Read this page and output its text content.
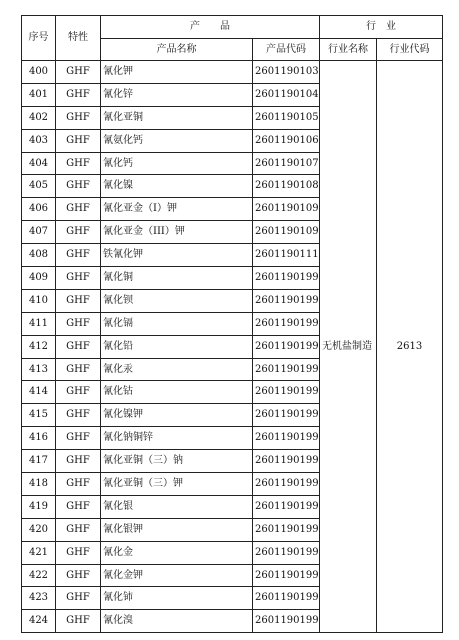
序号	特性	产　　品		行　业	
		产品名称	产品代码	行业名称	行业代码
400	GHF	氰化钾	2601190103	无机盐制造	2613
401	GHF	氰化锌	2601190104		
402	GHF	氰化亚铜	2601190105		
403	GHF	氰氨化钙	2601190106		
404	GHF	氰化钙	2601190107		
405	GHF	氰化镍	2601190108		
406	GHF	氰化亚金（I）钾	2601190109		
407	GHF	氰化亚金（III）钾	2601190109		
408	GHF	铁氰化钾	2601190111		
409	GHF	氰化铜	2601190199		
410	GHF	氰化钡	2601190199		
411	GHF	氰化镉	2601190199		
412	GHF	氰化铅	2601190199		
413	GHF	氰化汞	2601190199		
414	GHF	氰化钴	2601190199		
415	GHF	氰化镍钾	2601190199		
416	GHF	氰化钠铜锌	2601190199		
417	GHF	氰化亚铜（三）钠	2601190199		
418	GHF	氰化亚铜（三）钾	2601190199		
419	GHF	氰化银	2601190199		
420	GHF	氰化银钾	2601190199		
421	GHF	氰化金	2601190199		
422	GHF	氰化金钾	2601190199		
423	GHF	氰化铈	2601190199		
424	GHF	氰化溴	2601190199		
